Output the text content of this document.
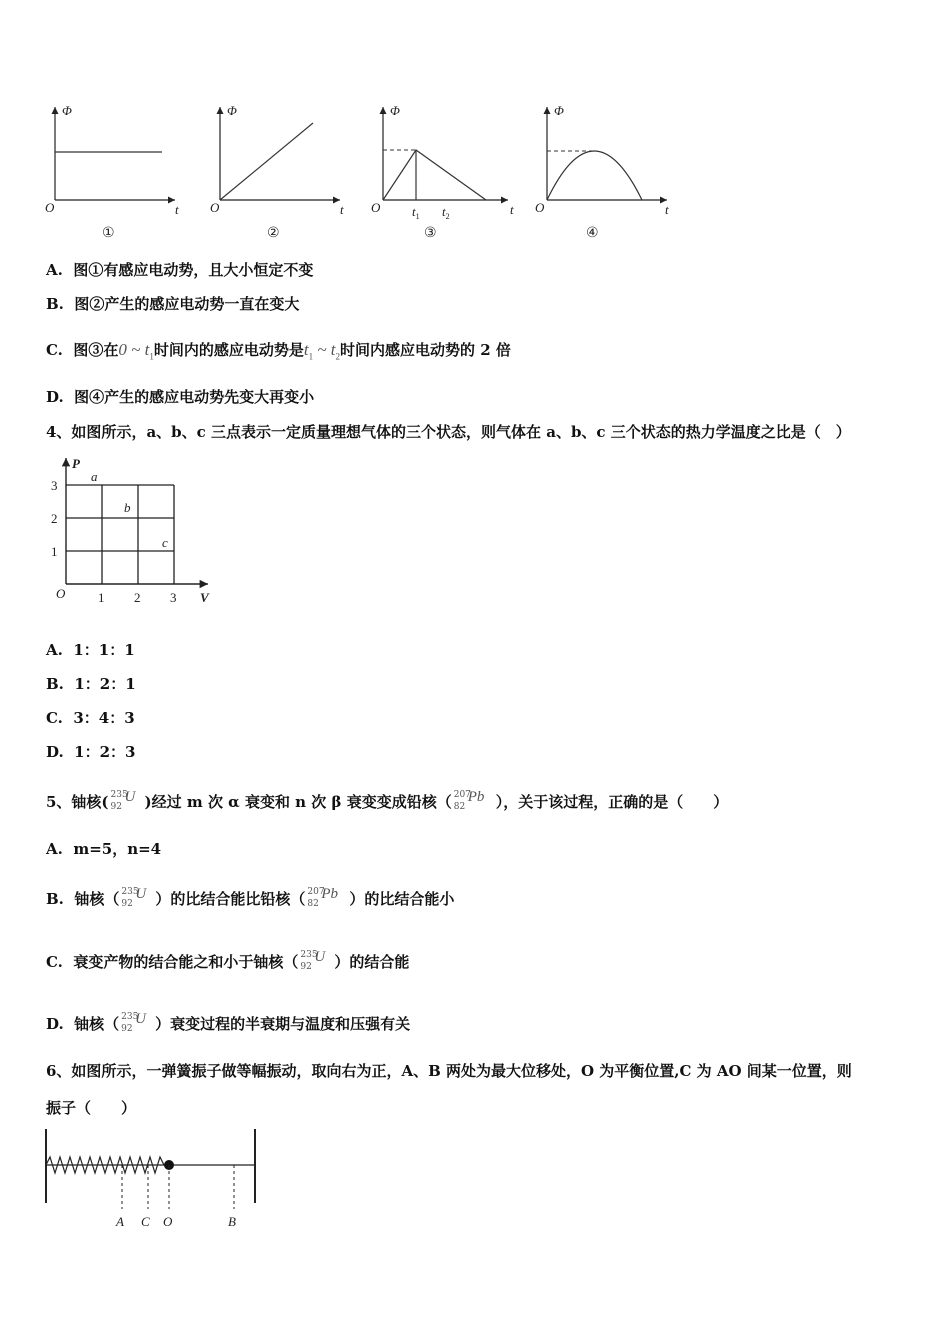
Φ
O	t
①
Φ
O	t
②
Φ
O	t
$t_1$ $t_2$
③
Φ
O	t
④
A. 图①有感应电动势，且大小恒定不变
B. 图②产生的感应电动势一直在变大
C. 图③在0 ~ $t_1$时间内的感应电动势是$t_1$ ~ $t_2$时间内感应电动势的 2 倍
D. 图④产生的感应电动势先变大再变小
4、如图所示，a、b、c 三点表示一定质量理想气体的三个状态，则气体在 a、b、c 三个状态的热力学温度之比是（　）
P
V
O
1
2
3
1 2 3
a
b
c
A. 1：1：1
B. 1：2：1
C. 3：4：3
D. 1：2：3
5、铀核( 235
92
U )经过 m 次 α 衰变和 n 次 β 衰变变成铅核（ 207
82
Pb ），关于该过程，正确的是（　　）
A. m=5，n=4
B. 铀核（ 235
92
U ）的比结合能比铅核（ 207
82
Pb ）的比结合能小
C. 衰变产物的结合能之和小于铀核（ 235
92
U ）的结合能
D. 铀核（ 235
92
U ）衰变过程的半衰期与温度和压强有关
6、如图所示，一弹簧振子做等幅振动，取向右为正，A、B 两处为最大位移处，O 为平衡位置,C 为 AO 间某一位置，则
振子（　　）
A C O	B
